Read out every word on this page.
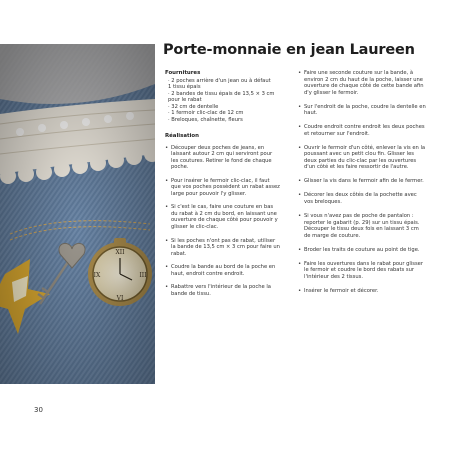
30
Porte-monnaie en jean Laureen
Fournitures
· 2 poches arrière d'un jean ou à défaut
1 tissu épais
· 2 bandes de tissu épais de 13,5 × 3 cm
pour le rabat
· 32 cm de dentelle
· 1 fermoir clic-clac de 12 cm
· Breloques, chaînette, fleurs
Réalisation
• Découper deux poches de jeans, en laissant autour 2 cm qui serviront pour les coutures. Retirer le fond de chaque poche.
• Pour insérer le fermoir clic-clac, il faut que vos poches possèdent un rabat assez large pour pouvoir l'y glisser.
• Si c'est le cas, faire une couture en bas du rabat à 2 cm du bord, en laissant une ouverture de chaque côté pour pouvoir y glisser le clic-clac.
• Si les poches n'ont pas de rabat, utiliser la bande de 13,5 cm × 3 cm pour faire un rabat.
• Coudre la bande au bord de la poche en haut, endroit contre endroit.
• Rabattre vers l'intérieur de la poche la bande de tissu.
• Faire une seconde couture sur la bande, à environ 2 cm du haut de la poche, laisser une ouverture de chaque côté de cette bande afin d'y glisser le fermoir.
• Sur l'endroit de la poche, coudre la dentelle en haut.
• Coudre endroit contre endroit les deux poches et retourner sur l'endroit.
• Ouvrir le fermoir d'un côté, enlever la vis en la poussant avec un petit clou fin. Glisser les deux parties du clic-clac par les ouvertures d'un côté et les faire ressortir de l'autre.
• Glisser la vis dans le fermoir afin de le fermer.
• Décorer les deux côtés de la pochette avec vos breloques.
• Si vous n'avez pas de poche de pantalon : reporter le gabarit (p. 29) sur un tissu épais. Découper le tissu deux fois en laissant 3 cm de marge de couture.
• Broder les traits de couture au point de tige.
• Faire les ouvertures dans le rabat pour glisser le fermoir et coudre le bord des rabats sur l'intérieur des 2 tissus.
• Insérer le fermoir et décorer.
